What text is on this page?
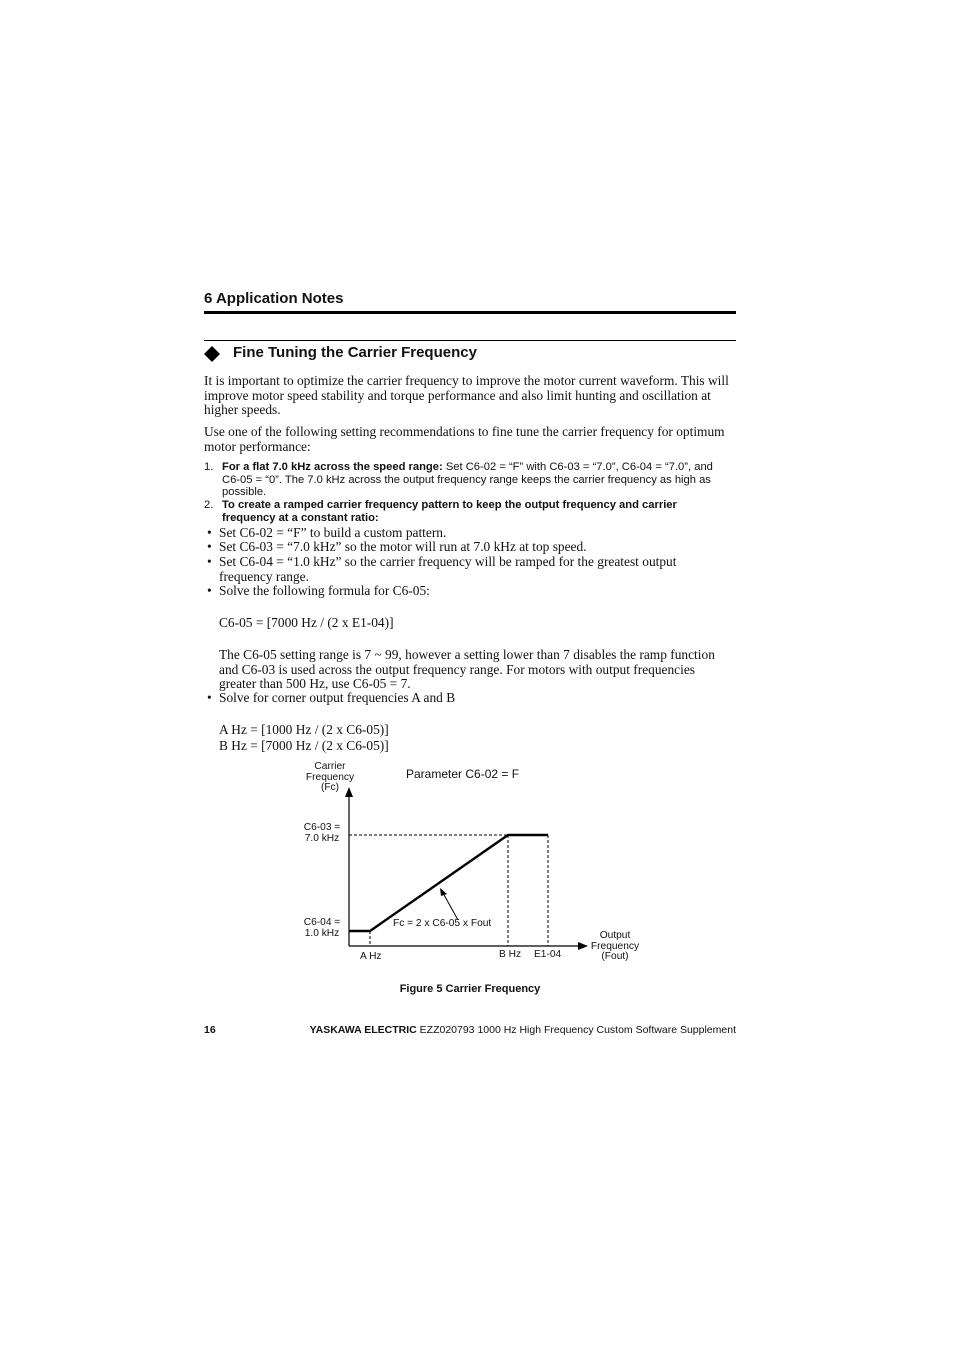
6 Application Notes
Fine Tuning the Carrier Frequency
It is important to optimize the carrier frequency to improve the motor current waveform. This will improve motor speed stability and torque performance and also limit hunting and oscillation at higher speeds.
Use one of the following setting recommendations to fine tune the carrier frequency for optimum motor performance:
1. For a flat 7.0 kHz across the speed range: Set C6-02 = “F” with C6-03 = “7.0”, C6-04 = “7.0”, and C6-05 = “0”. The 7.0 kHz across the output frequency range keeps the carrier frequency as high as possible.
2. To create a ramped carrier frequency pattern to keep the output frequency and carrier frequency at a constant ratio:
• Set C6-02 = “F” to build a custom pattern.
• Set C6-03 = “7.0 kHz” so the motor will run at 7.0 kHz at top speed.
• Set C6-04 = “1.0 kHz” so the carrier frequency will be ramped for the greatest output frequency range.
• Solve the following formula for C6-05:
C6-05 = [7000 Hz / (2 x E1-04)]
The C6-05 setting range is 7 ~ 99, however a setting lower than 7 disables the ramp function and C6-03 is used across the output frequency range. For motors with output frequencies greater than 500 Hz, use C6-05 = 7.
• Solve for corner output frequencies A and B
A Hz = [1000 Hz / (2 x C6-05)]
B Hz = [7000 Hz / (2 x C6-05)]
Carrier
Frequency
(Fc)
Parameter C6-02 = F
C6-03 =
7.0 kHz
C6-04 =
1.0 kHz
Fc = 2 x C6-05 x Fout
A Hz	B Hz E1-04
Output
Frequency
(Fout)
Figure 5 Carrier Frequency
16	YASKAWA ELECTRIC EZZ020793 1000 Hz High Frequency Custom Software Supplement
